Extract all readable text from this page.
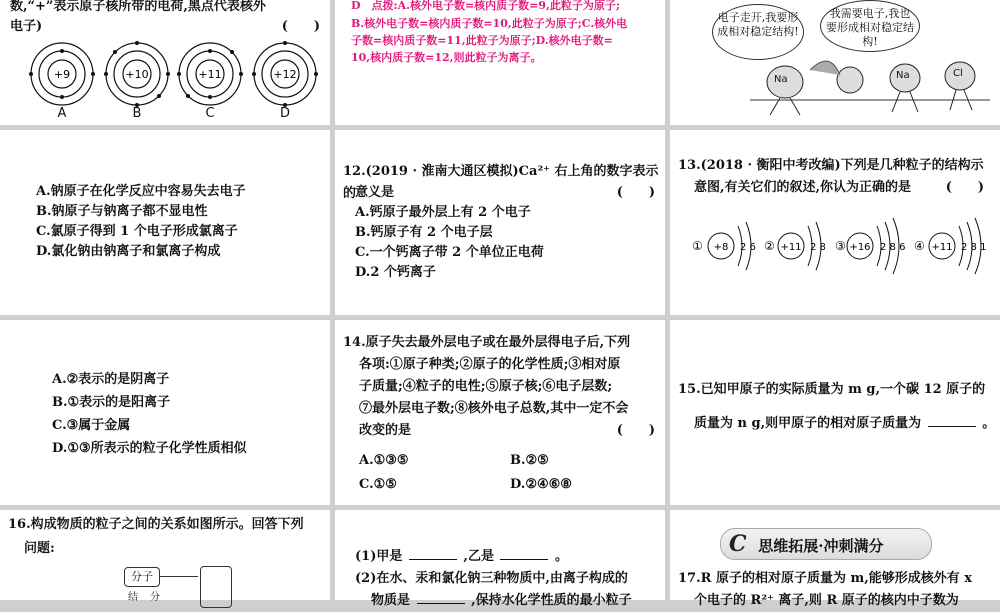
数,“+”表示原子核所带的电荷,黑点代表核外
电子)	(　　)
+9	+10	+11	+12
A	B	C	D
D　点拨:A.核外电子数=核内质子数=9,此粒子为原子;
B.核外电子数=核内质子数=10,此粒子为原子;C.核外电
子数=核内质子数=11,此粒子为原子;D.核外电子数=
10,核内质子数=12,则此粒子为离子。
电子走开,我要形成相对稳定结构!
我需要电子,我也要形成相对稳定结构!
Na	Na	Cl
A.钠原子在化学反应中容易失去电子
B.钠原子与钠离子都不显电性
C.氯原子得到 1 个电子形成氯离子
D.氯化钠由钠离子和氯离子构成
12.(2019 · 淮南大通区模拟)Ca²⁺ 右上角的数字表示的
意义是	(　　)
A.钙原子最外层上有 2 个电子
B.钙原子有 2 个电子层
C.一个钙离子带 2 个单位正电荷
D.2 个钙离子
13.(2018 · 衡阳中考改编)下列是几种粒子的结构示
意图,有关它们的叙述,你认为正确的是	(　　)
① +8 2 6 ② +11 2 8 ③ +16 2 8 6 ④ +11 2 8 1
A.②表示的是阴离子
B.①表示的是阳离子
C.③属于金属
D.①③所表示的粒子化学性质相似
14.原子失去最外层电子或在最外层得电子后,下列
各项:①原子种类;②原子的化学性质;③相对原
子质量;④粒子的电性;⑤原子核;⑥电子层数;
⑦最外层电子数;⑧核外电子总数,其中一定不会
改变的是	(　　)
A.①③⑤	B.②⑤
C.①⑤	D.②④⑥⑧
15.已知甲原子的实际质量为 m g,一个碳 12 原子的
质量为 n g,则甲原子的相对原子质量为	。
16.构成物质的粒子之间的关系如图所示。回答下列
问题:
分子
结 分
(1)甲是	,乙是	。
(2)在水、汞和氯化钠三种物质中,由离子构成的
物质是	,保持水化学性质的最小粒子
17.R 原子的相对原子质量为 m,能够形成核外有 x
个电子的 R²⁺ 离子,则 R 原子的核内中子数为
C 思维拓展·冲刺满分
